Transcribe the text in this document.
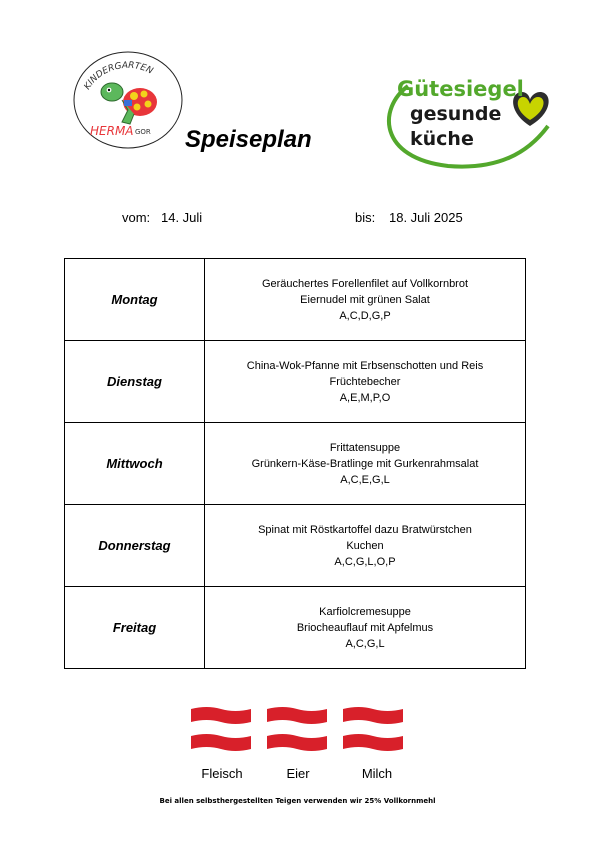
KINDERGARTEN
HERMA GOR Speiseplan
Gütesiegel
gesunde
küche
vom: 14. Juli	bis: 18. Juli 2025
Montag	Geräuchertes Forellenfilet auf Vollkornbrot
Eiernudel mit grünen Salat
A,C,D,G,P

Dienstag	China-Wok-Pfanne mit Erbsenschotten und Reis
Früchtebecher
A,E,M,P,O

Mittwoch	Frittatensuppe
Grünkern-Käse-Bratlinge mit Gurkenrahmsalat
A,C,E,G,L

Donnerstag	Spinat mit Röstkartoffel dazu Bratwürstchen
Kuchen
A,C,G,L,O,P

Freitag	Karfiolcremesuppe
Briocheauflauf mit Apfelmus
A,C,G,L
Fleisch	Eier	Milch
Bei allen selbsthergestellten Teigen verwenden wir 25% Vollkornmehl
